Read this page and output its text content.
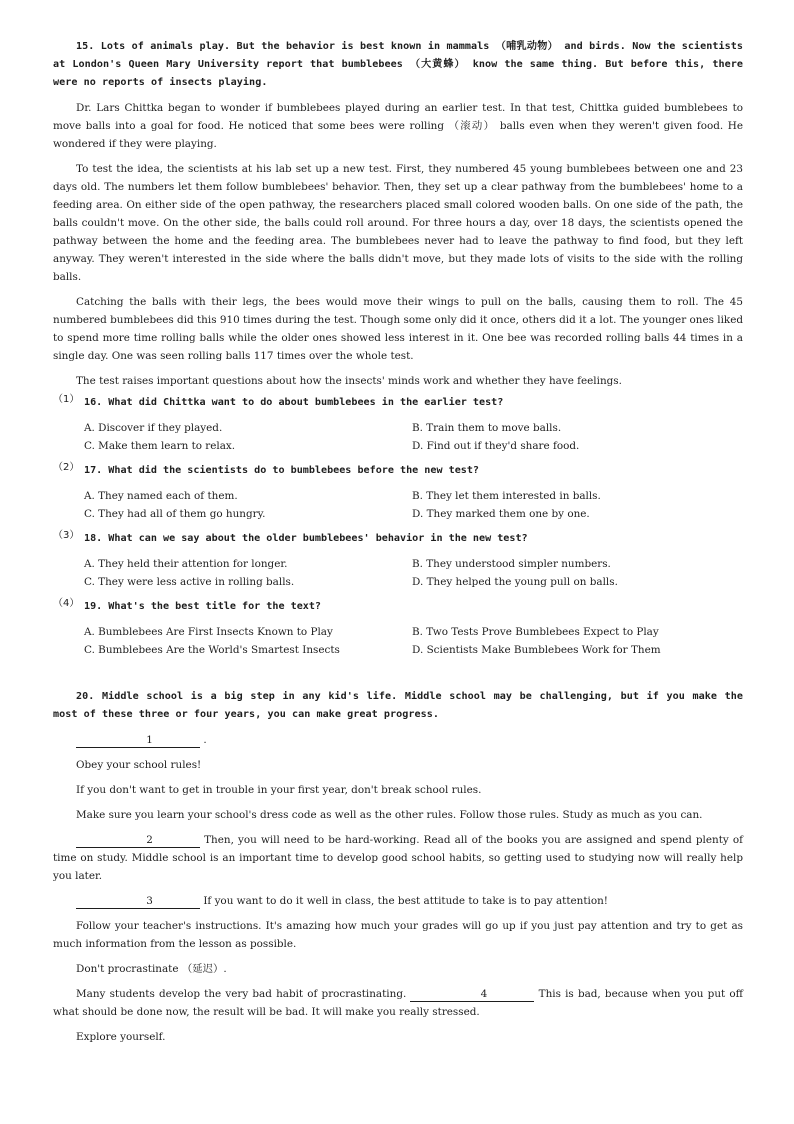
15. Lots of animals play. But the behavior is best known in mammals （哺乳动物） and birds. Now the scientists at London's Queen Mary University report that bumblebees （大黄蜂） know the same thing. But before this, there were no reports of insects playing.

Dr. Lars Chittka began to wonder if bumblebees played during an earlier test. In that test, Chittka guided bumblebees to move balls into a goal for food. He noticed that some bees were rolling （滚动） balls even when they weren't given food. He wondered if they were playing.

To test the idea, the scientists at his lab set up a new test. First, they numbered 45 young bumblebees between one and 23 days old. The numbers let them follow bumblebees' behavior. Then, they set up a clear pathway from the bumblebees' home to a feeding area. On either side of the open pathway, the researchers placed small colored wooden balls. On one side of the path, the balls couldn't move. On the other side, the balls could roll around. For three hours a day, over 18 days, the scientists opened the pathway between the home and the feeding area. The bumblebees never had to leave the pathway to find food, but they left anyway. They weren't interested in the side where the balls didn't move, but they made lots of visits to the side with the rolling balls.

Catching the balls with their legs, the bees would move their wings to pull on the balls, causing them to roll. The 45 numbered bumblebees did this 910 times during the test. Though some only did it once, others did it a lot. The younger ones liked to spend more time rolling balls while the older ones showed less interest in it. One bee was recorded rolling balls 44 times in a single day. One was seen rolling balls 117 times over the whole test.

The test raises important questions about how the insects' minds work and whether they have feelings.

（1） 16. What did Chittka want to do about bumblebees in the earlier test?
A. Discover if they played.	B. Train them to move balls.
C. Make them learn to relax.	D. Find out if they'd share food.
（2） 17. What did the scientists do to bumblebees before the new test?
A. They named each of them.	B. They let them interested in balls.
C. They had all of them go hungry.	D. They marked them one by one.
（3） 18. What can we say about the older bumblebees' behavior in the new test?
A. They held their attention for longer.	B. They understood simpler numbers.
C. They were less active in rolling balls.	D. They helped the young pull on balls.
（4） 19. What's the best title for the text?
A. Bumblebees Are First Insects Known to Play	B. Two Tests Prove Bumblebees Expect to Play
C. Bumblebees Are the World's Smartest Insects	D. Scientists Make Bumblebees Work for Them

20. Middle school is a big step in any kid's life. Middle school may be challenging, but if you make the most of these three or four years, you can make great progress.

1	.

Obey your school rules!

If you don't want to get in trouble in your first year, don't break school rules.

Make sure you learn your school's dress code as well as the other rules. Follow those rules. Study as much as you can.

2	Then, you will need to be hard-working. Read all of the books you are assigned and spend plenty of time on study. Middle school is an important time to develop good school habits, so getting used to studying now will really help you later.

3	If you want to do it well in class, the best attitude to take is to pay attention!

Follow your teacher's instructions. It's amazing how much your grades will go up if you just pay attention and try to get as much information from the lesson as possible.

Don't procrastinate （延迟）.

Many students develop the very bad habit of procrastinating.	4	This is bad, because when you put off what should be done now, the result will be bad. It will make you really stressed.

Explore yourself.
